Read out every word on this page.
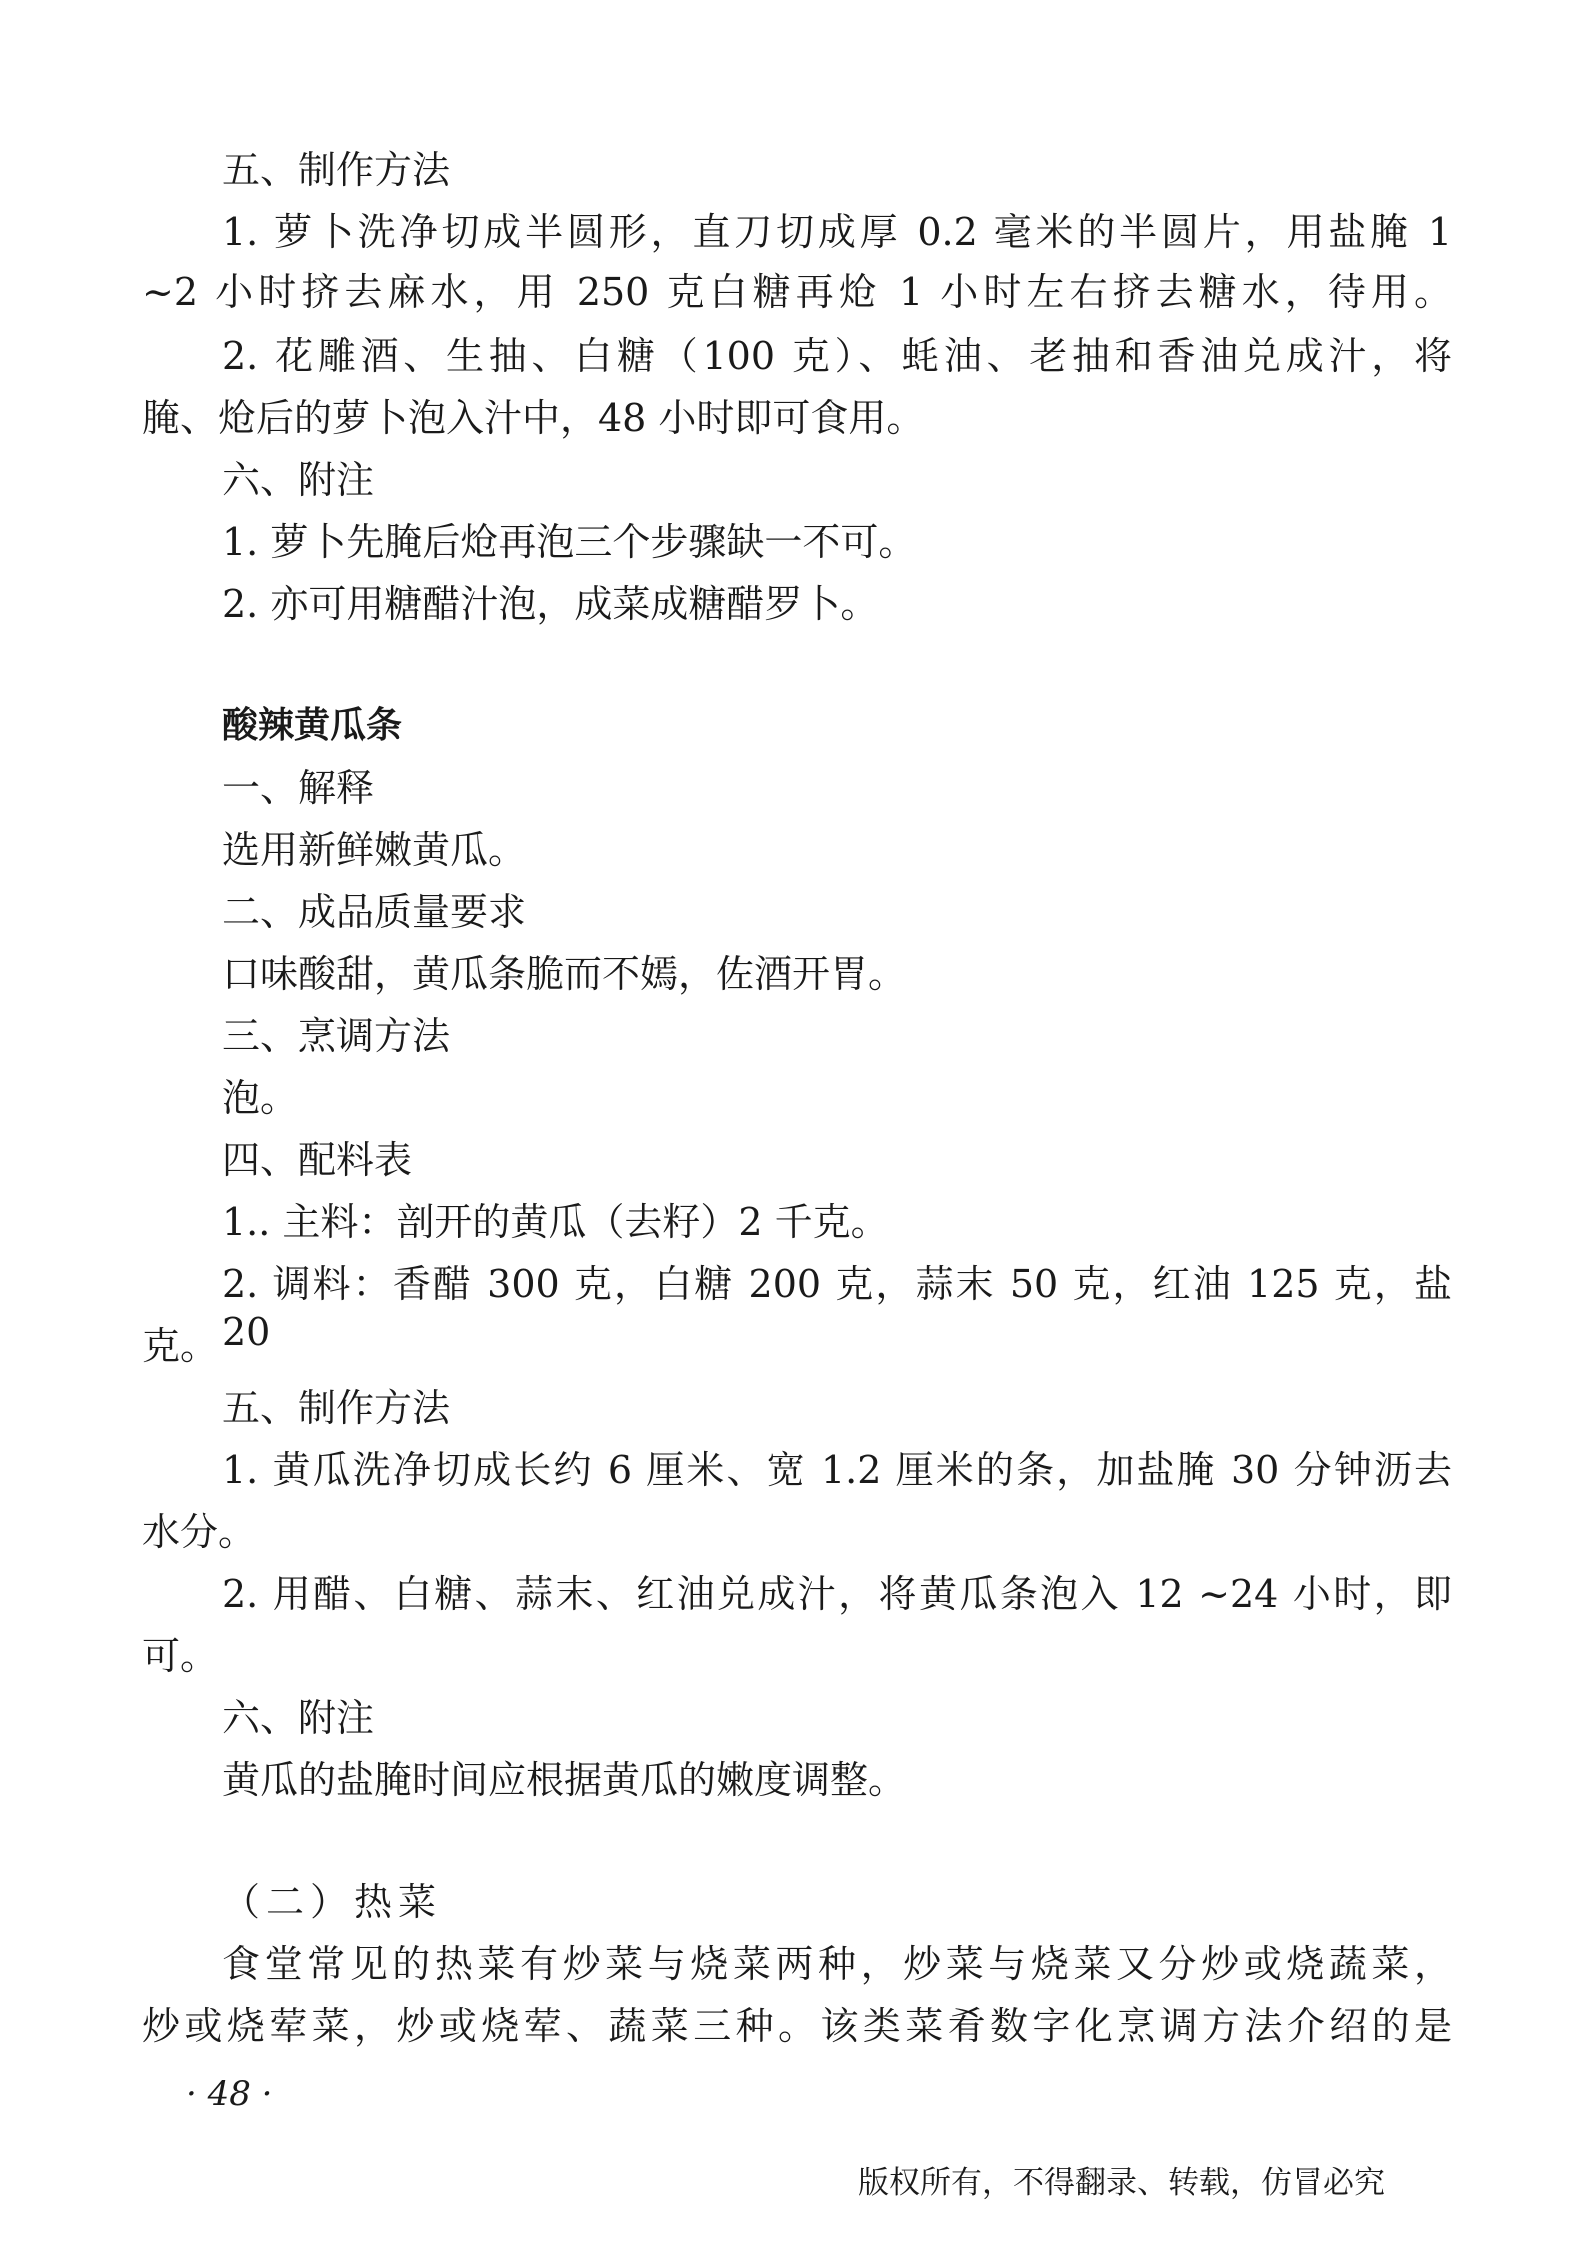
五、制作方法

1. 萝卜洗净切成半圆形，直刀切成厚 0.2 毫米的半圆片，用盐腌 1

~2 小时挤去麻水，用 250 克白糖再炝 1 小时左右挤去糖水，待用。

2. 花雕酒、生抽、白糖（100 克）、蚝油、老抽和香油兑成汁，将

腌、炝后的萝卜泡入汁中，48 小时即可食用。

六、附注

1. 萝卜先腌后炝再泡三个步骤缺一不可。

2. 亦可用糖醋汁泡，成菜成糖醋罗卜。

酸辣黄瓜条

一、解释

选用新鲜嫩黄瓜。

二、成品质量要求

口味酸甜，黄瓜条脆而不嫣，佐酒开胃。

三、烹调方法

泡。

四、配料表

1.. 主料：剖开的黄瓜（去籽）2 千克。

2. 调料：香醋 300 克，白糖 200 克，蒜末 50 克，红油 125 克，盐 20

克。

五、制作方法

1. 黄瓜洗净切成长约 6 厘米、宽 1.2 厘米的条，加盐腌 30 分钟沥去

水分。

2. 用醋、白糖、蒜末、红油兑成汁，将黄瓜条泡入 12 ~24 小时，即

可。

六、附注

黄瓜的盐腌时间应根据黄瓜的嫩度调整。

（二）热菜

食堂常见的热菜有炒菜与烧菜两种，炒菜与烧菜又分炒或烧蔬菜，

炒或烧荤菜，炒或烧荤、蔬菜三种。该类菜肴数字化烹调方法介绍的是

· 48 ·
版权所有，不得翻录、转载，仿冒必究
